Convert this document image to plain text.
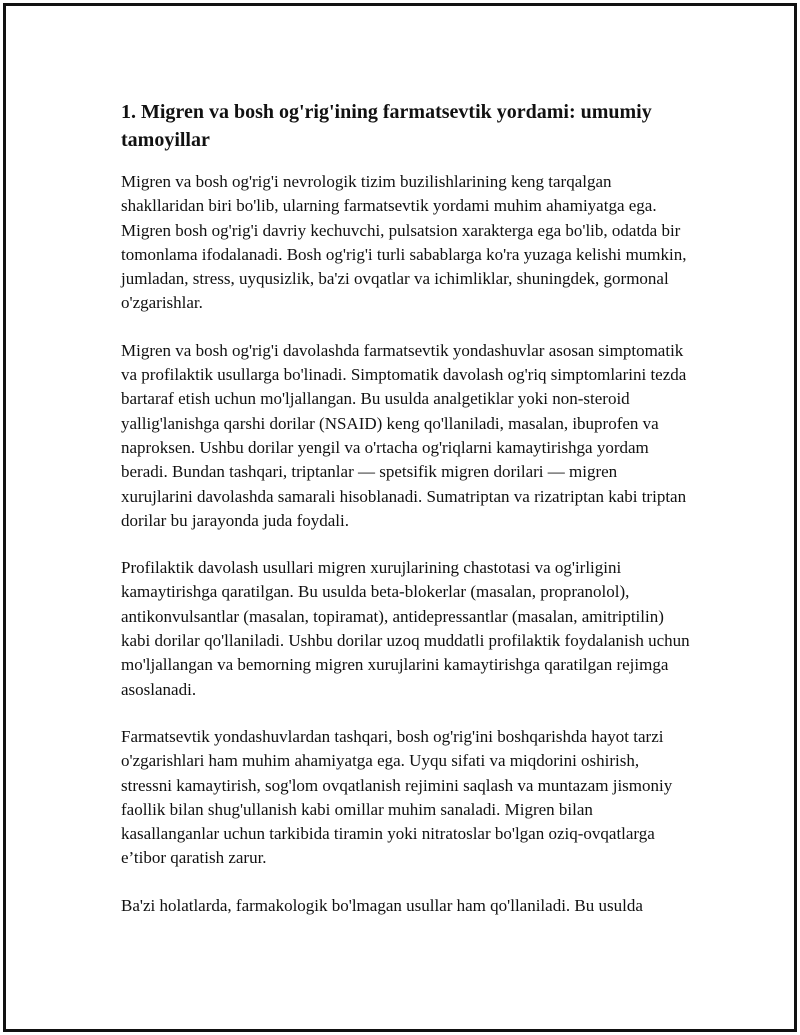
1. Migren va bosh og'rig'ining farmatsevtik yordami: umumiy tamoyillar

Migren va bosh og'rig'i nevrologik tizim buzilishlarining keng tarqalgan shakllaridan biri bo'lib, ularning farmatsevtik yordami muhim ahamiyatga ega. Migren bosh og'rig'i davriy kechuvchi, pulsatsion xarakterga ega bo'lib, odatda bir tomonlama ifodalanadi. Bosh og'rig'i turli sabablarga ko'ra yuzaga kelishi mumkin, jumladan, stress, uyqusizlik, ba'zi ovqatlar va ichimliklar, shuningdek, gormonal o'zgarishlar.

Migren va bosh og'rig'i davolashda farmatsevtik yondashuvlar asosan simptomatik va profilaktik usullarga bo'linadi. Simptomatik davolash og'riq simptomlarini tezda bartaraf etish uchun mo'ljallangan. Bu usulda analgetiklar yoki non-steroid yallig'lanishga qarshi dorilar (NSAID) keng qo'llaniladi, masalan, ibuprofen va naproksen. Ushbu dorilar yengil va o'rtacha og'riqlarni kamaytirishga yordam beradi. Bundan tashqari, triptanlar — spetsifik migren dorilari — migren xurujlarini davolashda samarali hisoblanadi. Sumatriptan va rizatriptan kabi triptan dorilar bu jarayonda juda foydali.

Profilaktik davolash usullari migren xurujlarining chastotasi va og'irligini kamaytirishga qaratilgan. Bu usulda beta-blokerlar (masalan, propranolol), antikonvulsantlar (masalan, topiramat), antidepressantlar (masalan, amitriptilin) kabi dorilar qo'llaniladi. Ushbu dorilar uzoq muddatli profilaktik foydalanish uchun mo'ljallangan va bemorning migren xurujlarini kamaytirishga qaratilgan rejimga asoslanadi.

Farmatsevtik yondashuvlardan tashqari, bosh og'rig'ini boshqarishda hayot tarzi o'zgarishlari ham muhim ahamiyatga ega. Uyqu sifati va miqdorini oshirish, stressni kamaytirish, sog'lom ovqatlanish rejimini saqlash va muntazam jismoniy faollik bilan shug'ullanish kabi omillar muhim sanaladi. Migren bilan kasallanganlar uchun tarkibida tiramin yoki nitratoslar bo'lgan oziq-ovqatlarga e’tibor qaratish zarur.

Ba'zi holatlarda, farmakologik bo'lmagan usullar ham qo'llaniladi. Bu usulda
